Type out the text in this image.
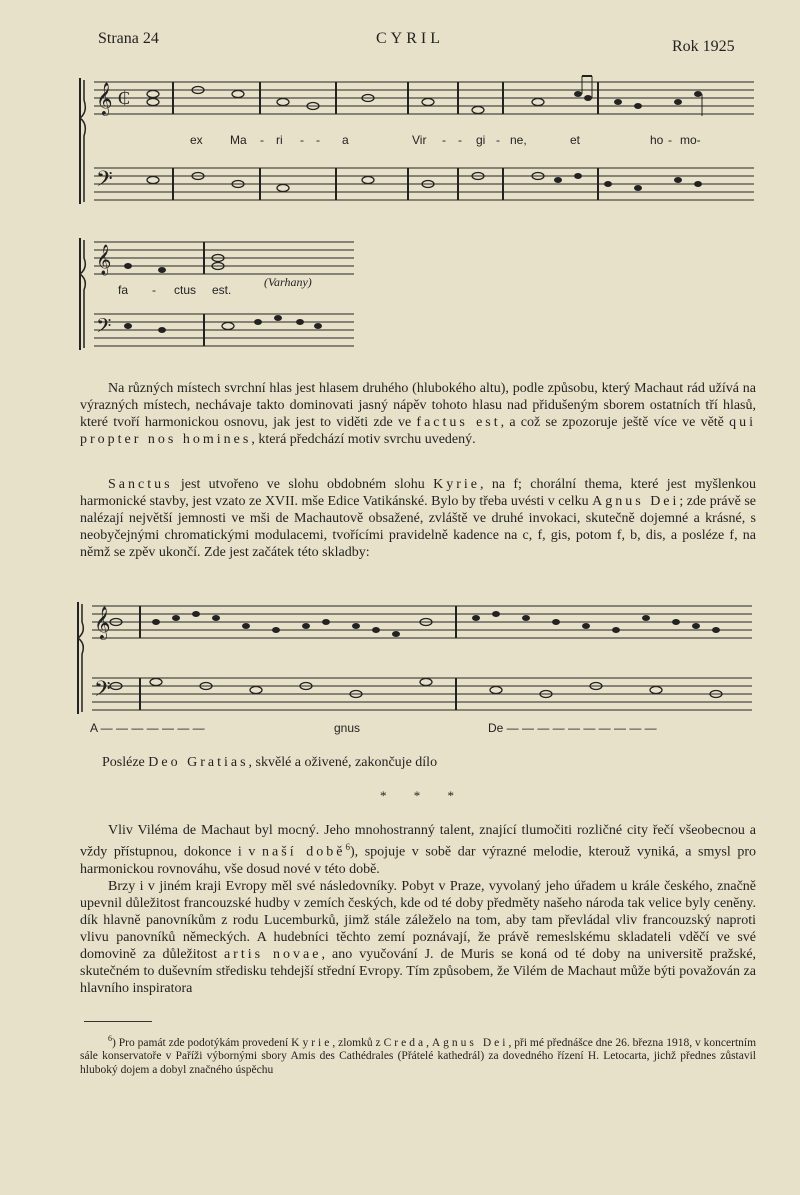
Strana 24	CYRIL	Rok 1925
𝄞 ₵
𝄢
ex Ma - ri - - a	Vir - - gi - ne,	et	ho - mo-
𝄞
𝄢
fa - ctus est.
(Varhany)

Na různých místech svrchní hlas jest hlasem druhého (hlubokého altu), podle způsobu, který Machaut rád užívá na výrazných místech, nechávaje takto dominovati jasný nápěv tohoto hlasu nad přidušeným sborem ostatních tří hlasů, které tvoří harmonickou osnovu, jak jest to viděti zde ve factus est, a což se zpozoruje ještě více ve větě qui propter nos homines, která předchází motiv svrchu uvedený.

Sanctus jest utvořeno ve slohu obdobném slohu Kyrie, na f; chorální thema, které jest myšlenkou harmonické stavby, jest vzato ze XVII. mše Edice Vatikánské. Bylo by třeba uvésti v celku Agnus Dei; zde právě se nalézají největší jemnosti ve mši de Machautově obsažené, zvláště ve druhé invokaci, skutečně dojemné a krásné, s neobyčejnými chromatickými modulacemi, tvořícími pravidelně kadence na c, f, gis, potom f, b, dis, a posléze f, na němž se zpěv ukončí. Zde jest začátek této skladby:

𝄞
𝄢
A — — — — — — —	gnus	De — — — — — — — — — —
Posléze Deo Gratias, skvělé a oživené, zakončuje dílo
* * *

Vliv Viléma de Machaut byl mocný. Jeho mnohostranný talent, znající tlumočiti rozličné city řečí všeobecnou a vždy přístupnou, dokonce i v naší době$^6$), spojuje v sobě dar výrazné melodie, kterouž vyniká, a smysl pro harmonickou rovnováhu, vše dosud nové v této době.

Brzy i v jiném kraji Evropy měl své následovníky. Pobyt v Praze, vyvolaný jeho úřadem u krále českého, značně upevnil důležitost francouzské hudby v zemích českých, kde od té doby předměty našeho národa tak velice byly ceněny. dík hlavně panovníkům z rodu Lucemburků, jimž stále záleželo na tom, aby tam převládal vliv francouzský naproti vlivu panovníků německých. A hudebníci těchto zemí poznávají, že právě remeslskému skladateli vděčí ve své domovině za důležitost artis novae, ano vyučování J. de Muris se koná od té doby na universitě pražské, skutečném to duševním středisku tehdejší střední Evropy. Tím způsobem, že Vilém de Machaut může býti považován za hlavního inspiratora

$^6$) Pro památ zde podotýkám provedení Kyrie, zlomků z Creda, Agnus Dei, při mé přednášce dne 26. března 1918, v koncertním sále konservatoře v Paříži výbornými sbory Amis des Cathédrales (Přátelé kathedrál) za dovedného řízení H. Letocarta, jichž přednes zůstavil hluboký dojem a dobyl značného úspěchu
